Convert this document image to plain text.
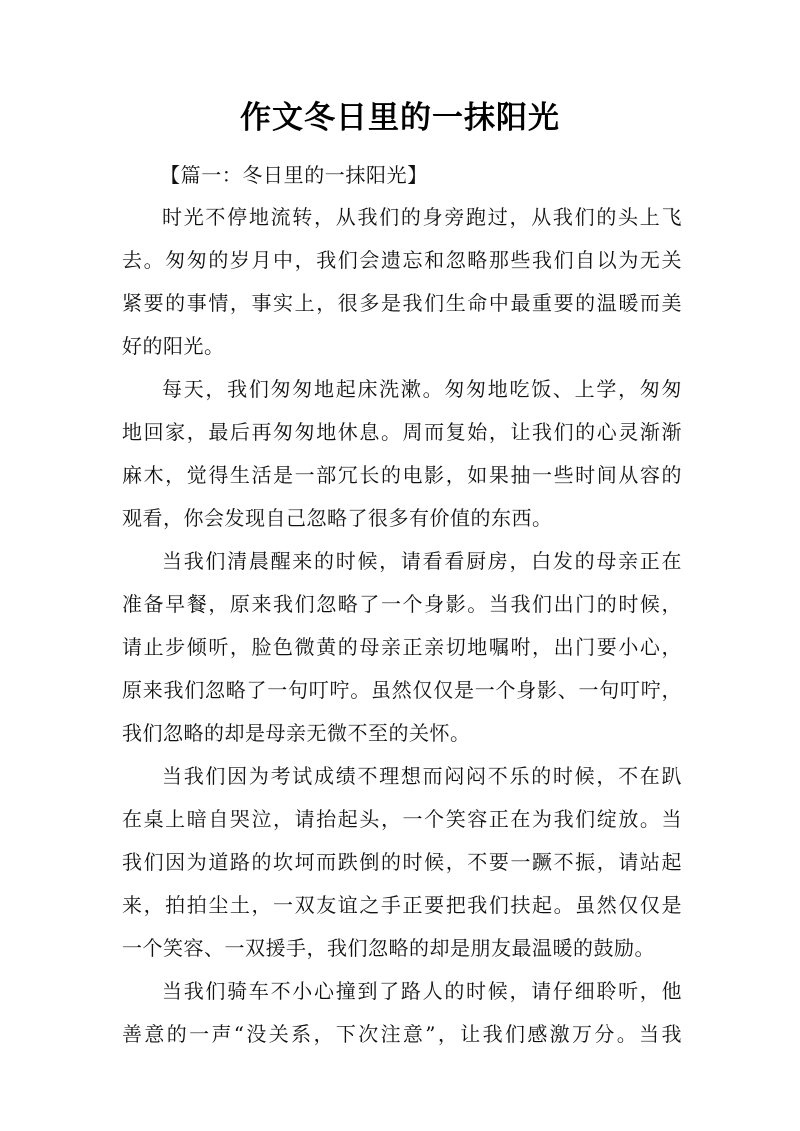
作文冬日里的一抹阳光

【篇一：冬日里的一抹阳光】

时光不停地流转，从我们的身旁跑过，从我们的头上飞
去。匆匆的岁月中，我们会遗忘和忽略那些我们自以为无关
紧要的事情，事实上，很多是我们生命中最重要的温暖而美
好的阳光。
每天，我们匆匆地起床洗漱。匆匆地吃饭、上学，匆匆
地回家，最后再匆匆地休息。周而复始，让我们的心灵渐渐
麻木，觉得生活是一部冗长的电影，如果抽一些时间从容的
观看，你会发现自己忽略了很多有价值的东西。
当我们清晨醒来的时候，请看看厨房，白发的母亲正在
准备早餐，原来我们忽略了一个身影。当我们出门的时候，
请止步倾听，脸色微黄的母亲正亲切地嘱咐，出门要小心，
原来我们忽略了一句叮咛。虽然仅仅是一个身影、一句叮咛，
我们忽略的却是母亲无微不至的关怀。
当我们因为考试成绩不理想而闷闷不乐的时候，不在趴
在桌上暗自哭泣，请抬起头，一个笑容正在为我们绽放。当
我们因为道路的坎坷而跌倒的时候，不要一蹶不振，请站起
来，拍拍尘土，一双友谊之手正要把我们扶起。虽然仅仅是
一个笑容、一双援手，我们忽略的却是朋友最温暖的鼓励。
当我们骑车不小心撞到了路人的时候，请仔细聆听，他
善意的一声“没关系，下次注意”，让我们感激万分。当我
